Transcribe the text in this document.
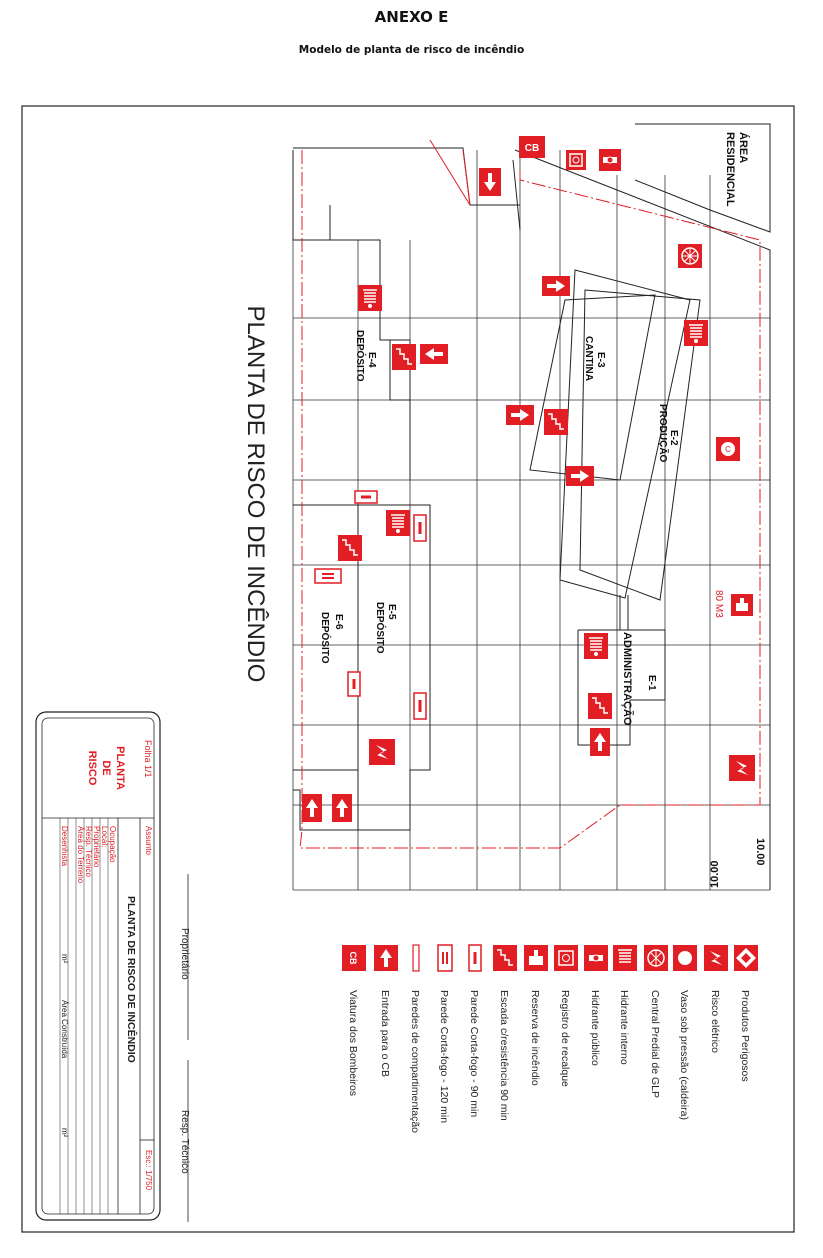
ANEXO E
Modelo de planta de risco de incêndio
PLANTA DE RISCO DE INCÊNDIO
ÁREA
RESIDENCIAL
10.00
10.00
E-1
ADMINISTRAÇÃO
E-2
PRODUÇÃO
E-3
CANTINA
E-4
DEPÓSITO
E-5
DEPÓSITO
E-6
DEPÓSITO
CB
C
80 M3
Produtos Perigosos
Risco elétrico
Vaso sob pressão (caldeira)
Central Predial de GLP
Hidrante interno
Hidrante público
Registro de recalque
Reserva de incêndio
Escada c/resistência 90 min
Parede Corta-fogo - 90 min
Parede Corta-fogo - 120 min
Paredes de compartimentação
Entrada para o CB
CB
Viatura dos Bombeiros
Proprietário
Resp. Técnico
Folha 1/1
PLANTA
DE
RISCO
Assunto
Ocupação
Local:
Proprietário
Resp. Técnico
Área do Terreno
Desenhista
Esc.: 1/750
PLANTA DE RISCO DE INCÊNDIO
m²
Área Construída
m²
